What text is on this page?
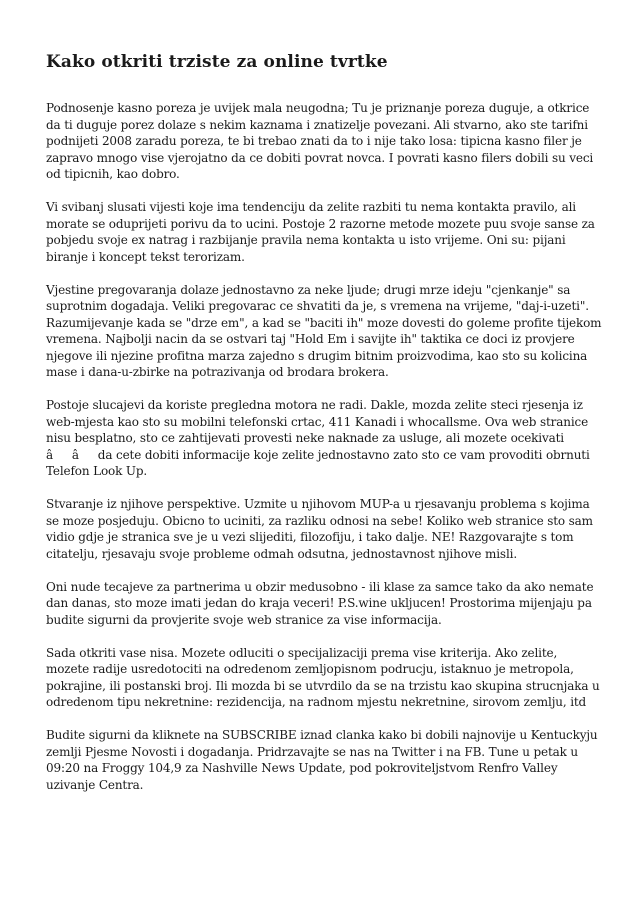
Kako otkriti trziste za online tvrtke

Podnosenje kasno poreza je uvijek mala neugodna; Tu je priznanje poreza duguje, a otkrice da ti duguje porez dolaze s nekim kaznama i znatizelje povezani. Ali stvarno, ako ste tarifni podnijeti 2008 zaradu poreza, te bi trebao znati da to i nije tako losa: tipicna kasno filer je zapravo mnogo vise vjerojatno da ce dobiti povrat novca. I povrati kasno filers dobili su veci od tipicnih, kao dobro.

Vi svibanj slusati vijesti koje ima tendenciju da zelite razbiti tu nema kontakta pravilo, ali morate se oduprijeti porivu da to ucini. Postoje 2 razorne metode mozete puu svoje sanse za pobjedu svoje ex natrag i razbijanje pravila nema kontakta u isto vrijeme. Oni su: pijani biranje i koncept tekst terorizam.

Vjestine pregovaranja dolaze jednostavno za neke ljude; drugi mrze ideju "cjenkanje" sa suprotnim dogadaja. Veliki pregovarac ce shvatiti da je, s vremena na vrijeme, "daj-i-uzeti". Razumijevanje kada se "drze em", a kad se "baciti ih" moze dovesti do goleme profite tijekom vremena. Najbolji nacin da se ostvari taj "Hold Em i savijte ih" taktika ce doci iz provjere njegove ili njezine profitna marza zajedno s drugim bitnim proizvodima, kao sto su kolicina mase i dana-u-zbirke na potrazivanja od brodara brokera.

Postoje slucajevi da koriste pregledna motora ne radi. Dakle, mozda zelite steci rjesenja iz web-mjesta kao sto su mobilni telefonski crtac, 411 Kanadi i whocallsme. Ova web stranice nisu besplatno, sto ce zahtijevati provesti neke naknade za usluge, ali mozete ocekivati ââda cete dobiti informacije koje zelite jednostavno zato sto ce vam provoditi obrnuti Telefon Look Up.

Stvaranje iz njihove perspektive. Uzmite u njihovom MUP-a u rjesavanju problema s kojima se moze posjeduju. Obicno to uciniti, za razliku odnosi na sebe! Koliko web stranice sto sam vidio gdje je stranica sve je u vezi slijediti, filozofiju, i tako dalje. NE! Razgovarajte s tom citatelju, rjesavaju svoje probleme odmah odsutna, jednostavnost njihove misli.

Oni nude tecajeve za partnerima u obzir medusobno - ili klase za samce tako da ako nemate dan danas, sto moze imati jedan do kraja veceri! P.S.wine ukljucen! Prostorima mijenjaju pa budite sigurni da provjerite svoje web stranice za vise informacija.

Sada otkriti vase nisa. Mozete odluciti o specijalizaciji prema vise kriterija. Ako zelite, mozete radije usredotociti na odredenom zemljopisnom podrucju, istaknuo je metropola, pokrajine, ili postanski broj. Ili mozda bi se utvrdilo da se na trzistu kao skupina strucnjaka u odredenom tipu nekretnine: rezidencija, na radnom mjestu nekretnine, sirovom zemlju, itd

Budite sigurni da kliknete na SUBSCRIBE iznad clanka kako bi dobili najnovije u Kentuckyju zemlji Pjesme Novosti i dogadanja. Pridrzavajte se nas na Twitter i na FB. Tune u petak u 09:20 na Froggy 104,9 za Nashville News Update, pod pokroviteljstvom Renfro Valley uzivanje Centra.
